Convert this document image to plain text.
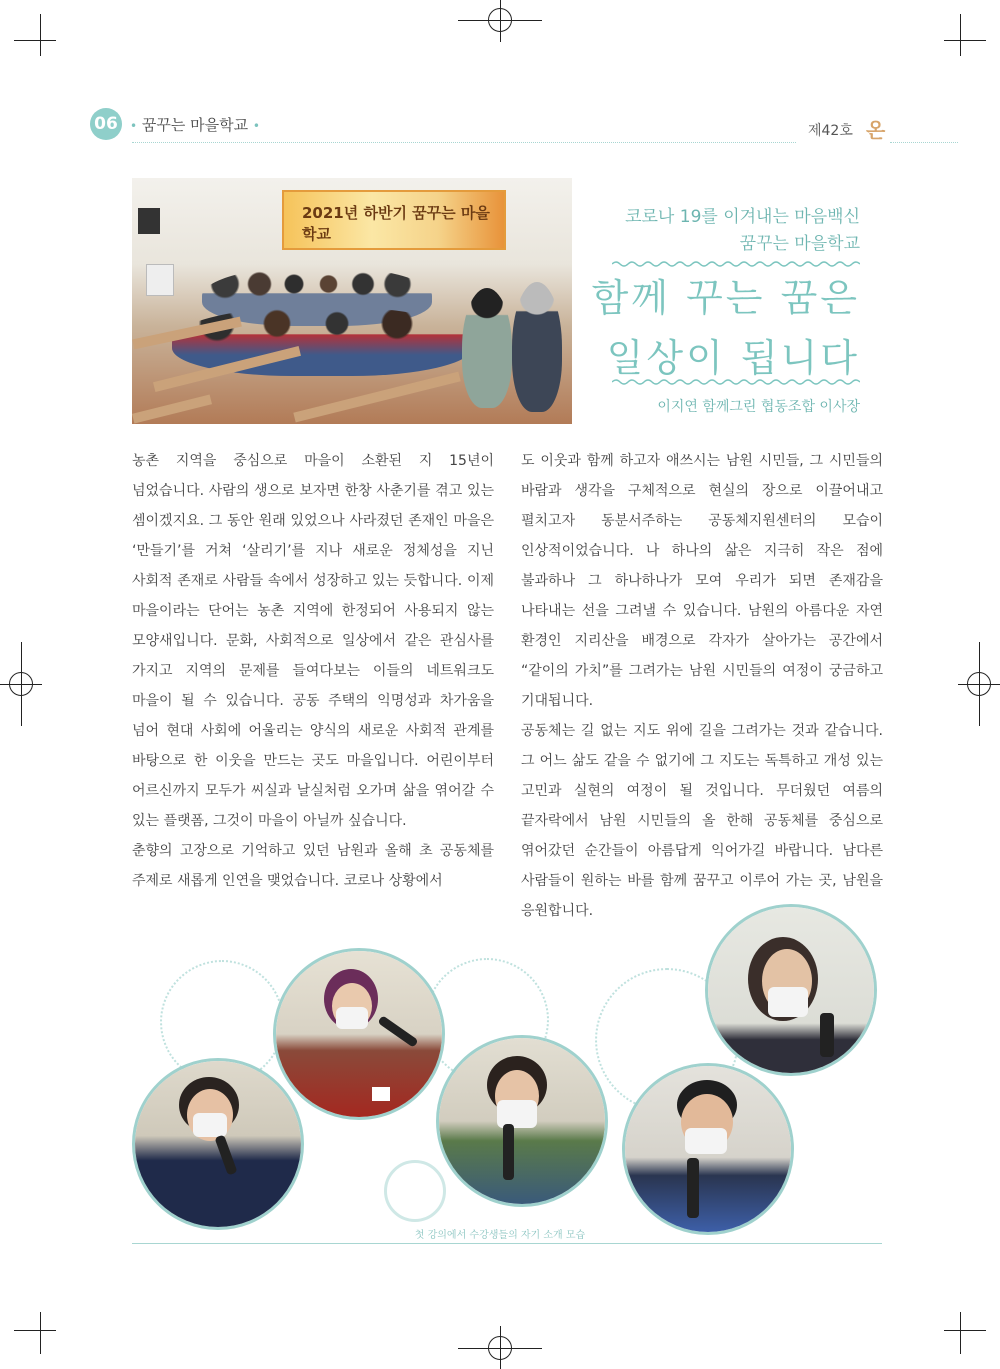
06	• 꿈꾸는 마을학교 •	제42호 온
2021년 하반기 꿈꾸는 마을학교
코로나 19를 이겨내는 마음백신
꿈꾸는 마을학교
함께 꾸는 꿈은
일상이 됩니다
이지연 함께그린 협동조합 이사장

농촌 지역을 중심으로 마을이 소환된 지 15년이 넘었습니다. 사람의 생으로 보자면 한창 사춘기를 겪고 있는 셈이겠지요. 그 동안 원래 있었으나 사라졌던 존재인 마을은 ‘만들기’를 거쳐 ‘살리기’를 지나 새로운 정체성을 지닌 사회적 존재로 사람들 속에서 성장하고 있는 듯합니다. 이제 마을이라는 단어는 농촌 지역에 한정되어 사용되지 않는 모양새입니다. 문화, 사회적으로 일상에서 같은 관심사를 가지고 지역의 문제를 들여다보는 이들의 네트워크도 마을이 될 수 있습니다. 공동 주택의 익명성과 차가움을 넘어 현대 사회에 어울리는 양식의 새로운 사회적 관계를 바탕으로 한 이웃을 만드는 곳도 마을입니다. 어린이부터 어르신까지 모두가 씨실과 날실처럼 오가며 삶을 엮어갈 수 있는 플랫폼, 그것이 마을이 아닐까 싶습니다.

춘향의 고장으로 기억하고 있던 남원과 올해 초 공동체를 주제로 새롭게 인연을 맺었습니다. 코로나 상황에서

도 이웃과 함께 하고자 애쓰시는 남원 시민들, 그 시민들의 바람과 생각을 구체적으로 현실의 장으로 이끌어내고 펼치고자 동분서주하는 공동체지원센터의 모습이 인상적이었습니다. 나 하나의 삶은 지극히 작은 점에 불과하나 그 하나하나가 모여 우리가 되면 존재감을 나타내는 선을 그려낼 수 있습니다. 남원의 아름다운 자연 환경인 지리산을 배경으로 각자가 살아가는 공간에서 “같이의 가치”를 그려가는 남원 시민들의 여정이 궁금하고 기대됩니다.

공동체는 길 없는 지도 위에 길을 그려가는 것과 같습니다. 그 어느 삶도 같을 수 없기에 그 지도는 독특하고 개성 있는 고민과 실현의 여정이 될 것입니다. 무더웠던 여름의 끝자락에서 남원 시민들의 올 한해 공동체를 중심으로 엮어갔던 순간들이 아름답게 익어가길 바랍니다. 남다른 사람들이 원하는 바를 함께 꿈꾸고 이루어 가는 곳, 남원을 응원합니다.

첫 강의에서 수강생들의 자기 소개 모습
